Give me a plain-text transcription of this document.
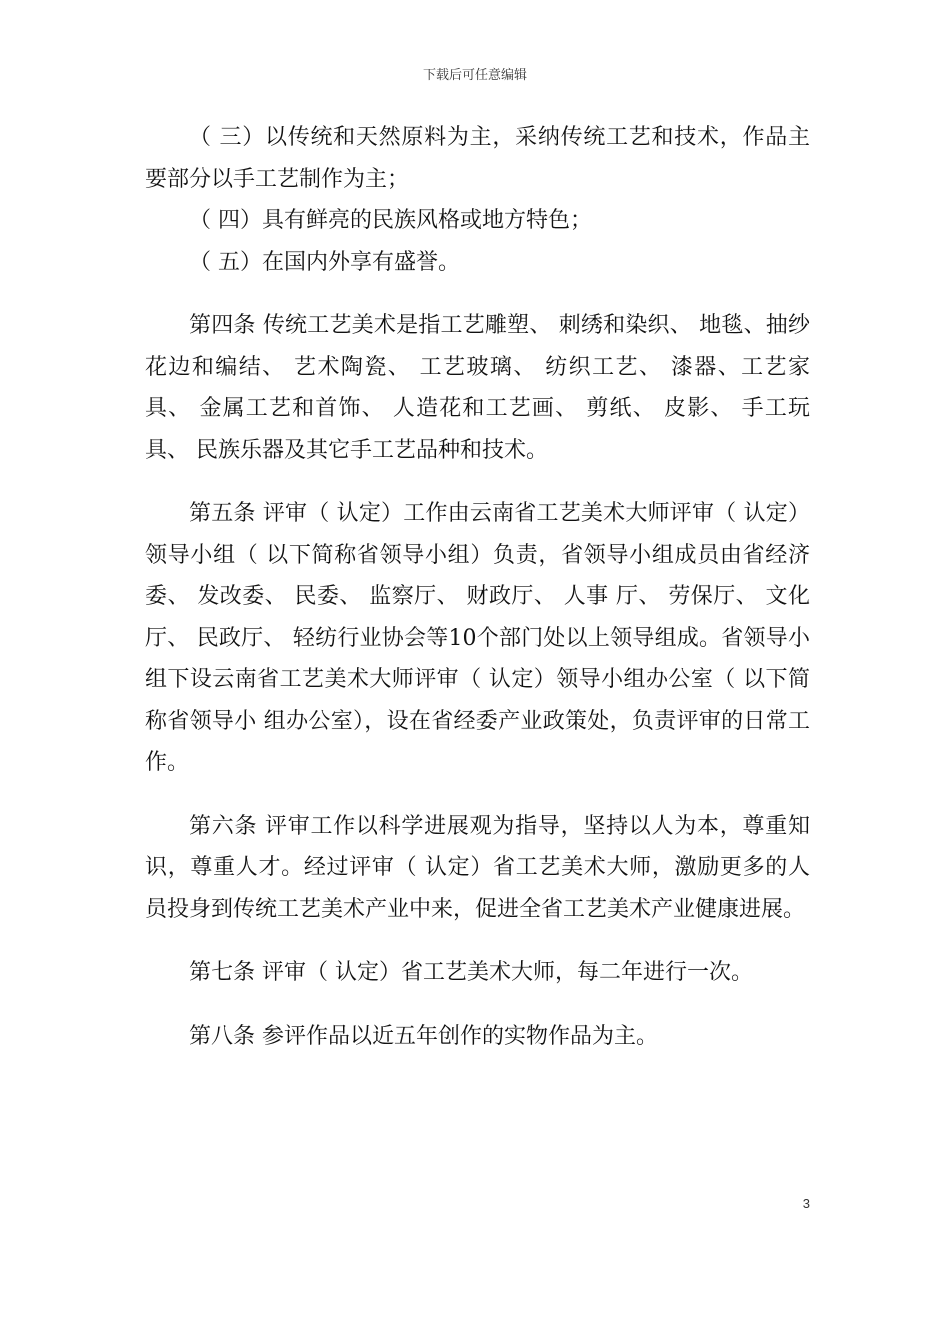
下载后可任意编辑

（ 三）以传统和天然原料为主，采纳传统工艺和技术，作品主要部分以手工艺制作为主；

（ 四）具有鲜亮的民族风格或地方特色；

（ 五）在国内外享有盛誉。

第四条 传统工艺美术是指工艺雕塑、 刺绣和染织、 地毯、抽纱花边和编结、 艺术陶瓷、 工艺玻璃、 纺织工艺、 漆器、工艺家具、 金属工艺和首饰、 人造花和工艺画、 剪纸、 皮影、 手工玩具、 民族乐器及其它手工艺品种和技术。

第五条 评审（ 认定）工作由云南省工艺美术大师评审（ 认定）领导小组（ 以下简称省领导小组）负责，省领导小组成员由省经济委、 发改委、 民委、 监察厅、 财政厅、 人事 厅、 劳保厅、 文化厅、 民政厅、 轻纺行业协会等10个部门处以上领导组成。省领导小组下设云南省工艺美术大师评审（ 认定）领导小组办公室（ 以下简称省领导小 组办公室），设在省经委产业政策处，负责评审的日常工作。

第六条 评审工作以科学进展观为指导，坚持以人为本，尊重知识，尊重人才。经过评审（ 认定）省工艺美术大师，激励更多的人员投身到传统工艺美术产业中来，促进全省工艺美术产业健康进展。

第七条 评审（ 认定）省工艺美术大师，每二年进行一次。

第八条 参评作品以近五年创作的实物作品为主。

3
